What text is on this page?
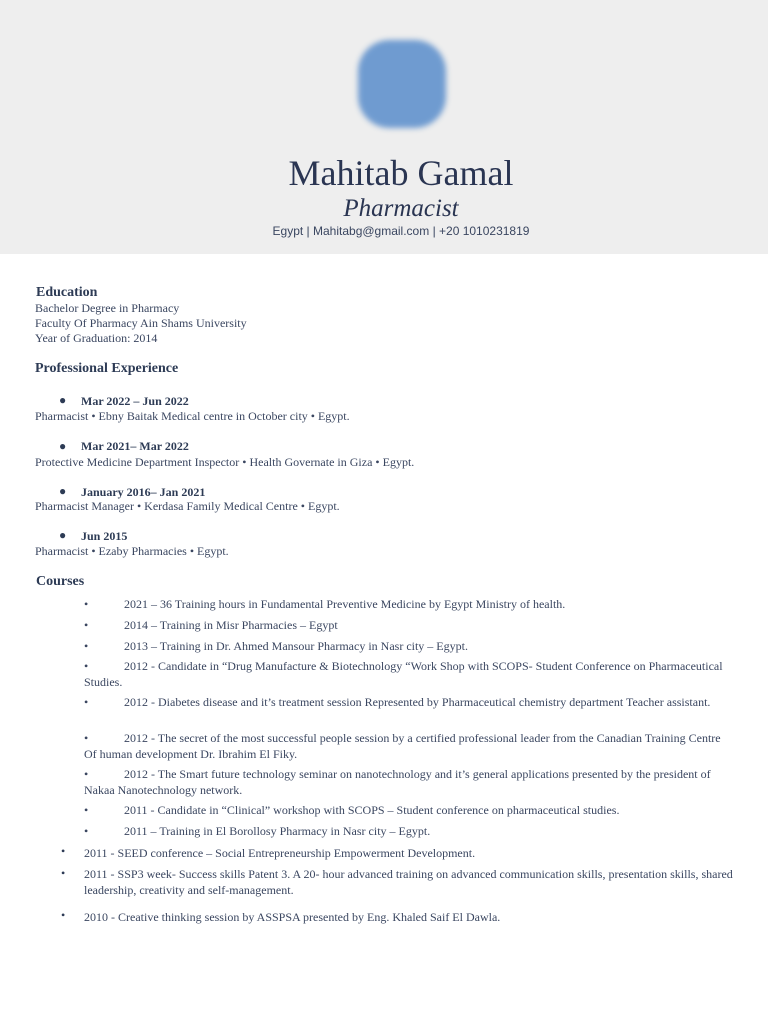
Mahitab Gamal
Pharmacist
Egypt | Mahitabg@gmail.com | +20 1010231819
Education
Bachelor Degree in Pharmacy
Faculty Of Pharmacy Ain Shams University
Year of Graduation: 2014
Professional Experience
● Mar 2022 – Jun 2022
Pharmacist • Ebny Baitak Medical centre in October city • Egypt.
● Mar 2021– Mar 2022
Protective Medicine Department Inspector • Health Governate in Giza • Egypt.
● January 2016– Jan 2021
Pharmacist Manager • Kerdasa Family Medical Centre • Egypt.
● Jun 2015
Pharmacist • Ezaby Pharmacies • Egypt.
Courses
•	2021 – 36 Training hours in Fundamental Preventive Medicine by Egypt Ministry of health.
•	2014 – Training in Misr Pharmacies – Egypt
•	2013 – Training in Dr. Ahmed Mansour Pharmacy in Nasr city – Egypt.
•	2012 - Candidate in “Drug Manufacture & Biotechnology “Work Shop with SCOPS- Student Conference on Pharmaceutical Studies.
•	2012 - Diabetes disease and it’s treatment session Represented by Pharmaceutical chemistry department Teacher assistant.
•	2012 - The secret of the most successful people session by a certified professional leader from the Canadian Training Centre Of human development Dr. Ibrahim El Fiky.
•	2012 - The Smart future technology seminar on nanotechnology and it’s general applications presented by the president of Nakaa Nanotechnology network.
•	2011 - Candidate in “Clinical” workshop with SCOPS – Student conference on pharmaceutical studies.
•	2011 – Training in El Borollosy Pharmacy in Nasr city – Egypt.
• 2011 - SEED conference – Social Entrepreneurship Empowerment Development.
• 2011 - SSP3 week- Success skills Patent 3. A 20- hour advanced training on advanced communication skills, presentation skills, shared leadership, creativity and self-management.
• 2010 - Creative thinking session by ASSPSA presented by Eng. Khaled Saif El Dawla.
